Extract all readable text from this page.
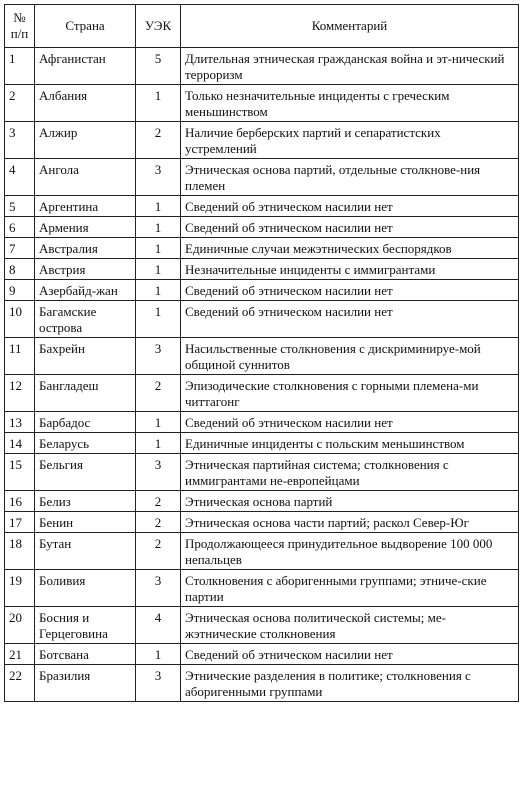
№
п/п	Страна	УЭК	Комментарий
1	Афганистан	5	Длительная этническая гражданская война и эт-нический терроризм
2	Албания	1	Только незначительные инциденты с греческим меньшинством
3	Алжир	2	Наличие берберских партий и сепаратистских устремлений
4	Ангола	3	Этническая основа партий, отдельные столкнове-ния племен
5	Аргентина	1	Сведений об этническом насилии нет
6	Армения	1	Сведений об этническом насилии нет
7	Австралия	1	Единичные случаи межэтнических беспорядков
8	Австрия	1	Незначительные инциденты с иммигрантами
9	Азербайд-жан	1	Сведений об этническом насилии нет
10	Багамские острова	1	Сведений об этническом насилии нет
11	Бахрейн	3	Насильственные столкновения с дискриминируе-мой общиной суннитов
12	Бангладеш	2	Эпизодические столкновения с горными племена-ми читтагонг
13	Барбадос	1	Сведений об этническом насилии нет
14	Беларусь	1	Единичные инциденты с польским меньшинством
15	Бельгия	3	Этническая партийная система; столкновения с иммигрантами не-европейцами
16	Белиз	2	Этническая основа партий
17	Бенин	2	Этническая основа части партий; раскол Север-Юг
18	Бутан	2	Продолжающееся принудительное выдворение 100 000 непальцев
19	Боливия	3	Столкновения с аборигенными группами; этниче-ские партии
20	Босния и Герцеговина	4	Этническая основа политической системы; ме-жэтнические столкновения
21	Ботсвана	1	Сведений об этническом насилии нет
22	Бразилия	3	Этнические разделения в политике; столкновения с аборигенными группами
